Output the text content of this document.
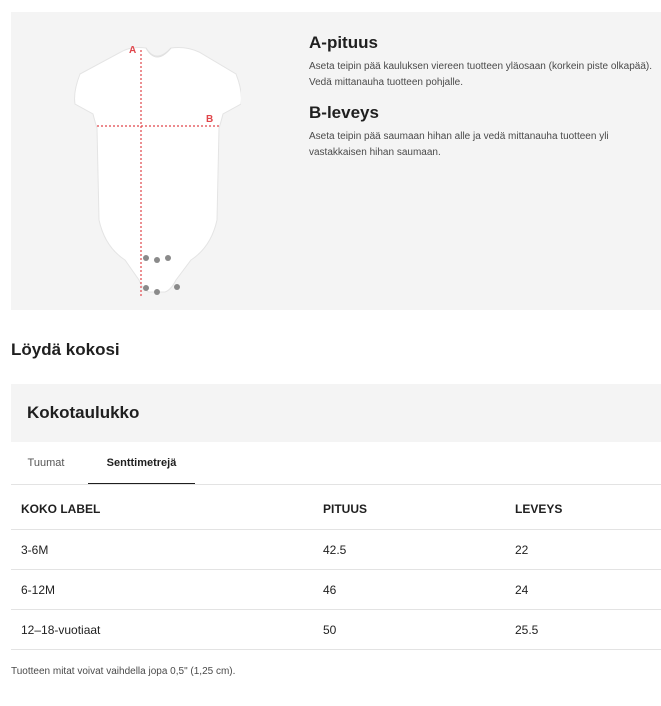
A
B
A-pituus

Aseta teipin pää kauluksen viereen tuotteen yläosaan (korkein piste olkapää). Vedä mittanauha tuotteen pohjalle.

B-leveys

Aseta teipin pää saumaan hihan alle ja vedä mittanauha tuotteen yli vastakkaisen hihan saumaan.

Löydä kokosi
Kokotaulukko
Tuumat	Senttimetrejä
KOKO LABEL	PITUUS	LEVEYS
3-6M	42.5	22
6-12M	46	24
12–18-vuotiaat	50	25.5

Tuotteen mitat voivat vaihdella jopa 0,5" (1,25 cm).
